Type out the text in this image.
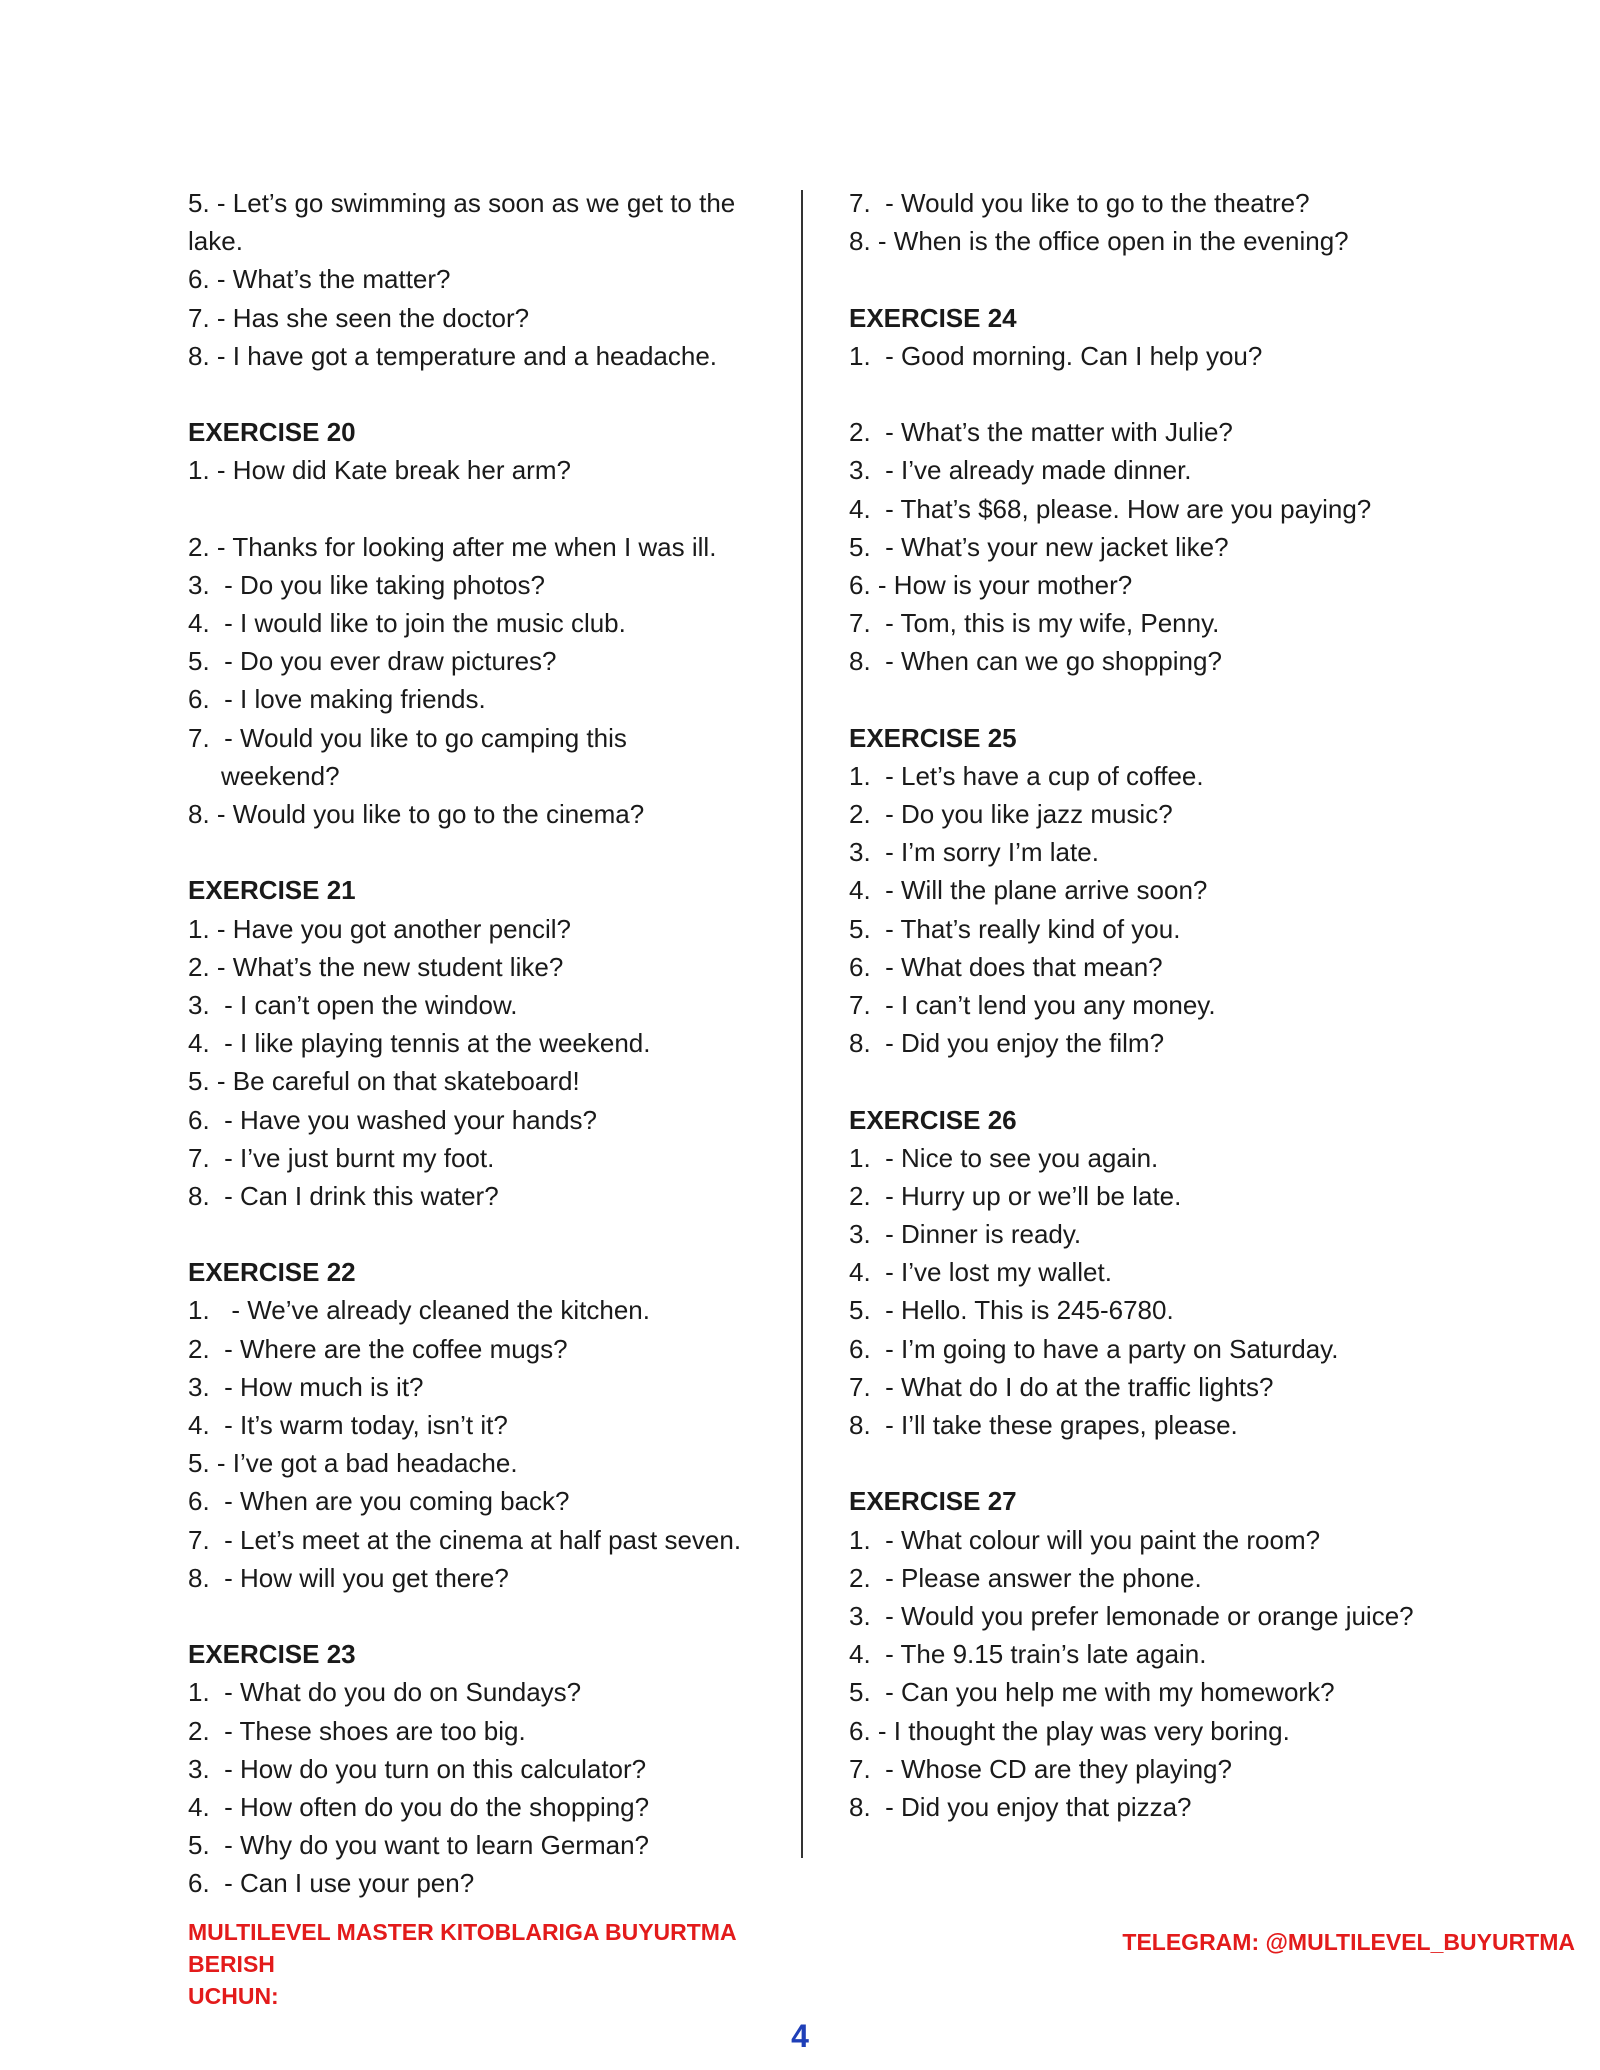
5. - Let’s go swimming as soon as we get to the
lake.
6. - What’s the matter?
7. - Has she seen the doctor?
8. - I have got a temperature and a headache.
EXERCISE 20
1. - How did Kate break her arm?
2. - Thanks for looking after me when I was ill.
3.  - Do you like taking photos?
4.  - I would like to join the music club.
5.  - Do you ever draw pictures?
6.  - I love making friends.
7.  - Would you like to go camping this
weekend?
8. - Would you like to go to the cinema?
EXERCISE 21
1. - Have you got another pencil?
2. - What’s the new student like?
3.  - I can’t open the window.
4.  - I like playing tennis at the weekend.
5. - Be careful on that skateboard!
6.  - Have you washed your hands?
7.  - I’ve just burnt my foot.
8.  - Can I drink this water?
EXERCISE 22
1.   - We’ve already cleaned the kitchen.
2.  - Where are the coffee mugs?
3.  - How much is it?
4.  - It’s warm today, isn’t it?
5. - I’ve got a bad headache.
6.  - When are you coming back?
7.  - Let’s meet at the cinema at half past seven.
8.  - How will you get there?
EXERCISE 23
1.  - What do you do on Sundays?
2.  - These shoes are too big.
3.  - How do you turn on this calculator?
4.  - How often do you do the shopping?
5.  - Why do you want to learn German?
6.  - Can I use your pen?
7.  - Would you like to go to the theatre?
8. - When is the office open in the evening?
EXERCISE 24
1.  - Good morning. Can I help you?
2.  - What’s the matter with Julie?
3.  - I’ve already made dinner.
4.  - That’s $68, please. How are you paying?
5.  - What’s your new jacket like?
6. - How is your mother?
7.  - Tom, this is my wife, Penny.
8.  - When can we go shopping?
EXERCISE 25
1.  - Let’s have a cup of coffee.
2.  - Do you like jazz music?
3.  - I’m sorry I’m late.
4.  - Will the plane arrive soon?
5.  - That’s really kind of you.
6.  - What does that mean?
7.  - I can’t lend you any money.
8.  - Did you enjoy the film?
EXERCISE 26
1.  - Nice to see you again.
2.  - Hurry up or we’ll be late.
3.  - Dinner is ready.
4.  - I’ve lost my wallet.
5.  - Hello. This is 245-6780.
6.  - I’m going to have a party on Saturday.
7.  - What do I do at the traffic lights?
8.  - I’ll take these grapes, please.
EXERCISE 27
1.  - What colour will you paint the room?
2.  - Please answer the phone.
3.  - Would you prefer lemonade or orange juice?
4.  - The 9.15 train’s late again.
5.  - Can you help me with my homework?
6. - I thought the play was very boring.
7.  - Whose CD are they playing?
8.  - Did you enjoy that pizza?
MULTILEVEL MASTER KITOBLARIGA BUYURTMA BERISH
UCHUN:
TELEGRAM: @MULTILEVEL_BUYURTMA
4
